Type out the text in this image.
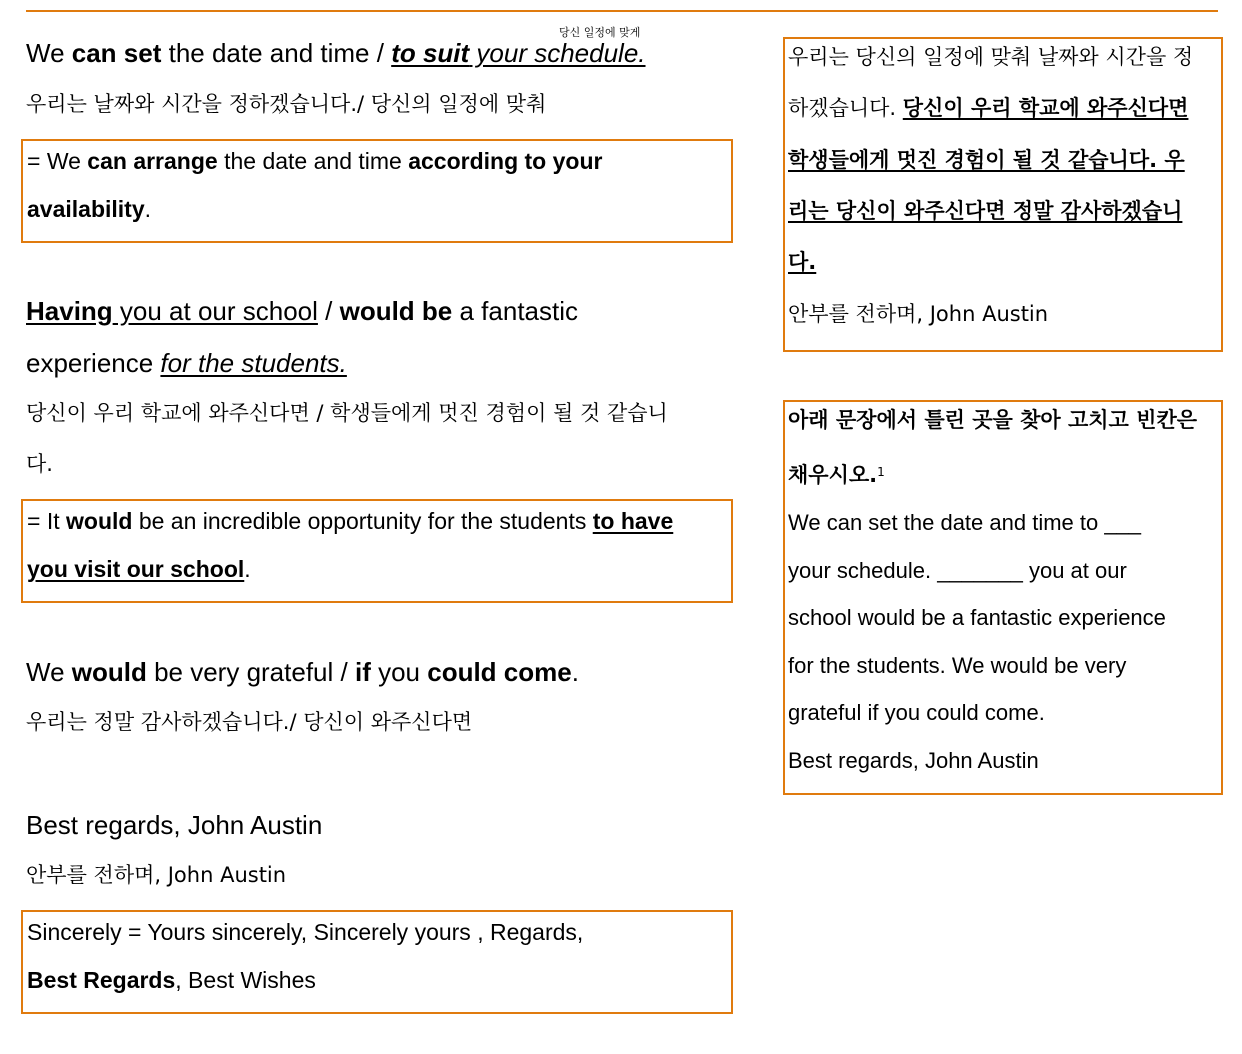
당신 일정에 맞게
We can set the date and time / to suit your schedule.
우리는 날짜와 시간을 정하겠습니다./ 당신의 일정에 맞춰
= We can arrange the date and time according to your
availability.
Having you at our school / would be a fantastic
experience for the students.
당신이 우리 학교에 와주신다면 / 학생들에게 멋진 경험이 될 것 같습니
다.
= It would be an incredible opportunity for the students to have
you visit our school.
We would be very grateful / if you could come.
우리는 정말 감사하겠습니다./ 당신이 와주신다면
Best regards, John Austin
안부를 전하며, John Austin
Sincerely = Yours sincerely, Sincerely yours , Regards,
Best Regards, Best Wishes
우리는 당신의 일정에 맞춰 날짜와 시간을 정
하겠습니다. 당신이 우리 학교에 와주신다면
학생들에게 멋진 경험이 될 것 같습니다. 우
리는 당신이 와주신다면 정말 감사하겠습니
다.
안부를 전하며, John Austin
아래 문장에서 틀린 곳을 찾아 고치고 빈칸은
채우시오.$^1$
We can set the date and time to ___
your schedule. _______ you at our
school would be a fantastic experience
for the students. We would be very
grateful if you could come.
Best regards, John Austin
